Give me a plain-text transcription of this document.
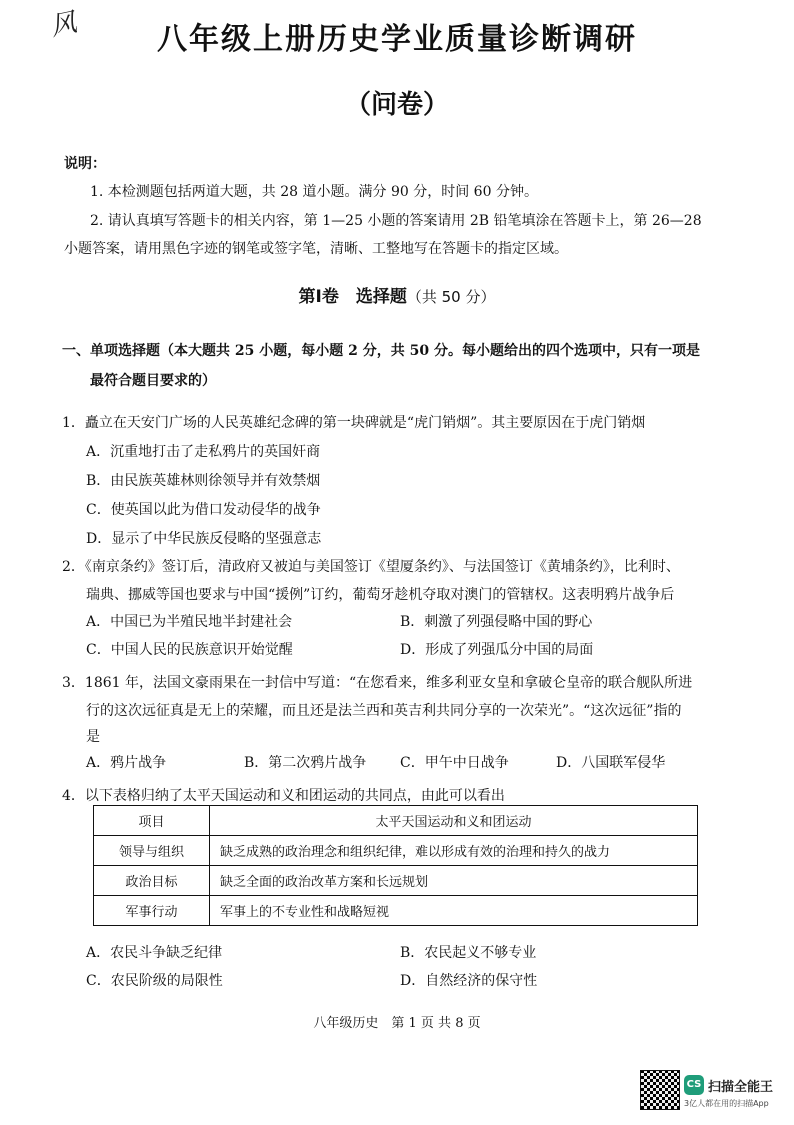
风	八年级上册历史学业质量诊断调研
（问卷）
说明：
1. 本检测题包括两道大题，共 28 道小题。满分 90 分，时间 60 分钟。
2. 请认真填写答题卡的相关内容，第 1—25 小题的答案请用 2B 铅笔填涂在答题卡上，第 26—28
小题答案，请用黑色字迹的钢笔或签字笔，清晰、工整地写在答题卡的指定区域。
第Ⅰ卷　选择题（共 50 分）
一、单项选择题（本大题共 25 小题，每小题 2 分，共 50 分。每小题给出的四个选项中，只有一项是
最符合题目要求的）
1．矗立在天安门广场的人民英雄纪念碑的第一块碑就是“虎门销烟”。其主要原因在于虎门销烟
A．沉重地打击了走私鸦片的英国奸商
B．由民族英雄林则徐领导并有效禁烟
C．使英国以此为借口发动侵华的战争
D．显示了中华民族反侵略的坚强意志
2．《南京条约》签订后，清政府又被迫与美国签订《望厦条约》、与法国签订《黄埔条约》，比利时、
瑞典、挪威等国也要求与中国“援例”订约，葡萄牙趁机夺取对澳门的管辖权。这表明鸦片战争后
A．中国已为半殖民地半封建社会	B．刺激了列强侵略中国的野心
C．中国人民的民族意识开始觉醒	D．形成了列强瓜分中国的局面
3．1861 年，法国文豪雨果在一封信中写道：“在您看来，维多利亚女皇和拿破仑皇帝的联合舰队所进
行的这次远征真是无上的荣耀，而且还是法兰西和英吉利共同分享的一次荣光”。“这次远征”指的
是
A．鸦片战争	B．第二次鸦片战争 C．甲午中日战争	D．八国联军侵华
4．以下表格归纳了太平天国运动和义和团运动的共同点，由此可以看出
项目	太平天国运动和义和团运动
领导与组织	缺乏成熟的政治理念和组织纪律，难以形成有效的治理和持久的战力
政治目标	缺乏全面的政治改革方案和长远规划
军事行动	军事上的不专业性和战略短视
A．农民斗争缺乏纪律	B．农民起义不够专业
C．农民阶级的局限性	D．自然经济的保守性
八年级历史　第 1 页 共 8 页
CS 扫描全能王
3亿人都在用的扫描App
